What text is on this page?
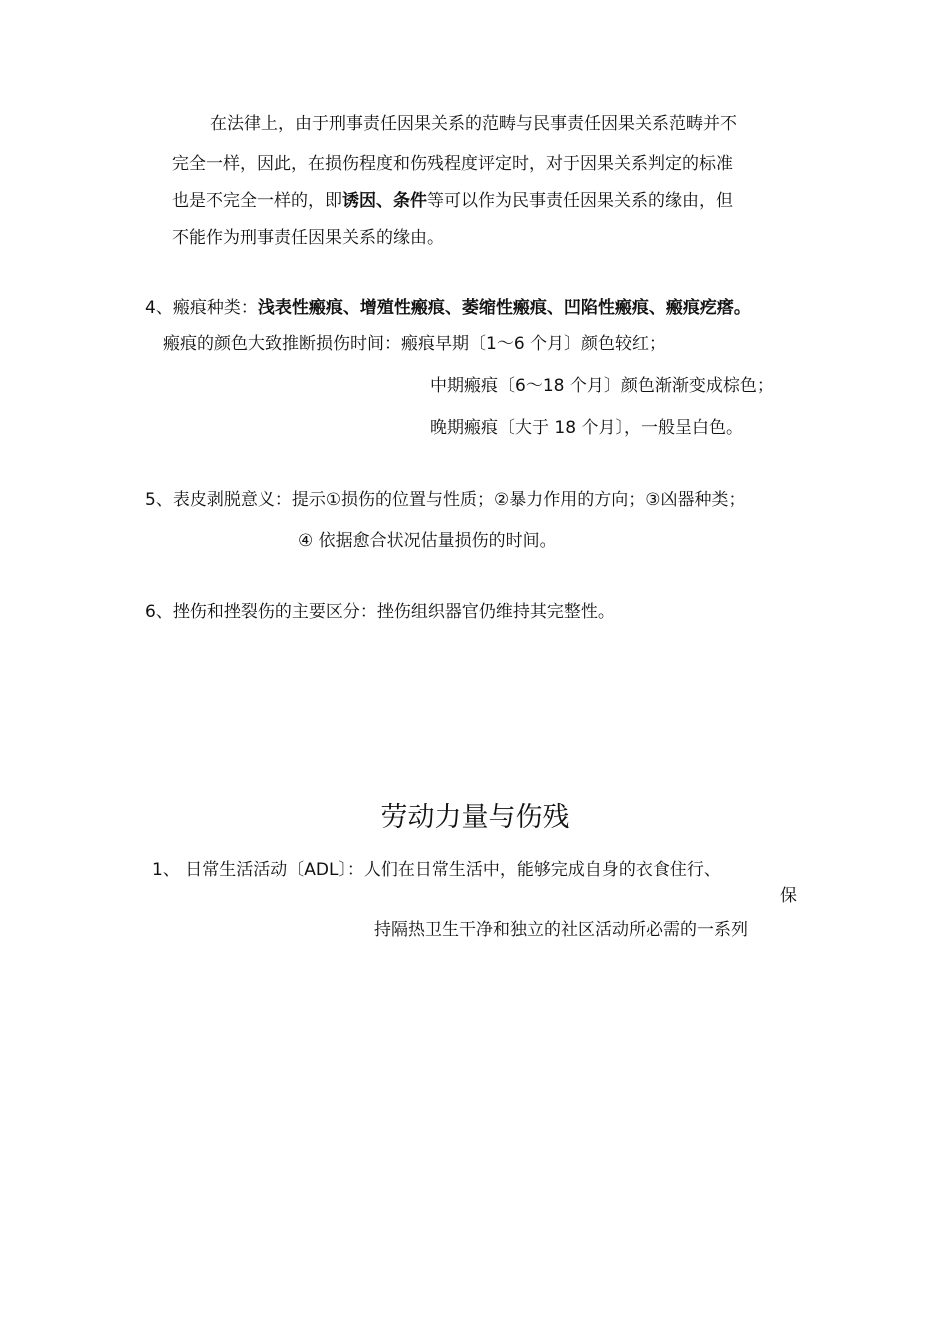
在法律上，由于刑事责任因果关系的范畴与民事责任因果关系范畴并不
完全一样，因此，在损伤程度和伤残程度评定时，对于因果关系判定的标准
也是不完全一样的，即诱因、条件等可以作为民事责任因果关系的缘由，但
不能作为刑事责任因果关系的缘由。
4、瘢痕种类：浅表性瘢痕、增殖性瘢痕、萎缩性瘢痕、凹陷性瘢痕、瘢痕疙瘩。
瘢痕的颜色大致推断损伤时间：瘢痕早期〔1～6 个月〕颜色较红；
中期瘢痕〔6～18 个月〕颜色渐渐变成棕色；
晚期瘢痕〔大于 18 个月〕，一般呈白色。
5、表皮剥脱意义：提示①损伤的位置与性质；②暴力作用的方向；③凶器种类；
④ 依据愈合状况估量损伤的时间。
6、挫伤和挫裂伤的主要区分：挫伤组织器官仍维持其完整性。
劳动力量与伤残
1、 日常生活活动〔ADL〕：人们在日常生活中，能够完成自身的衣食住行、
保
持隔热卫生干净和独立的社区活动所必需的一系列
